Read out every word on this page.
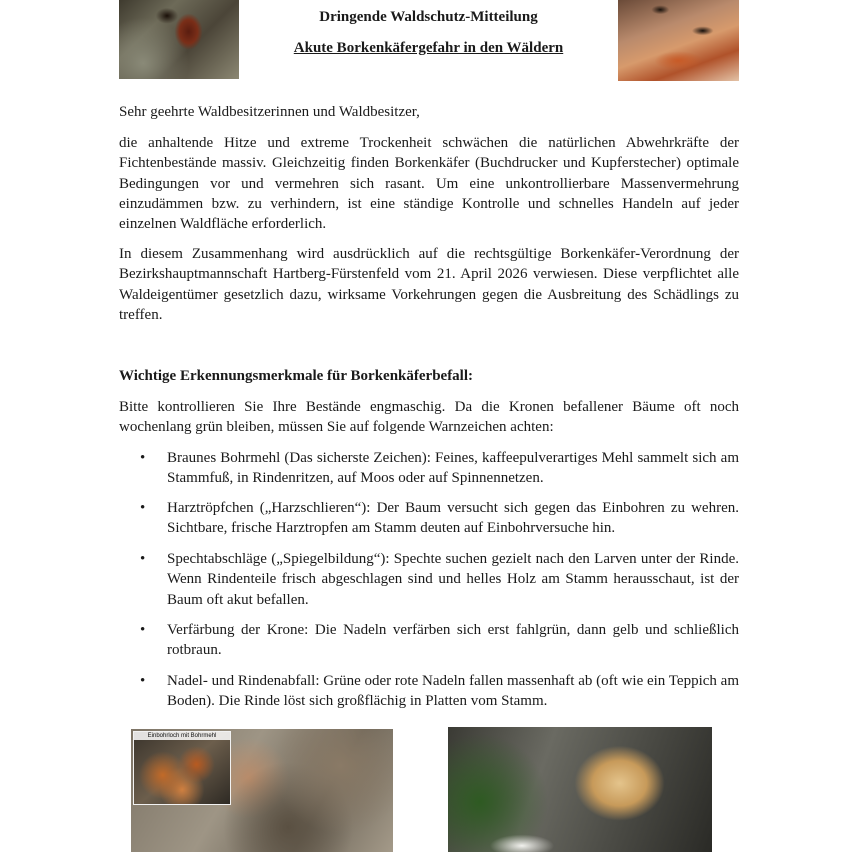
Dringende Waldschutz-Mitteilung
Akute Borkenkäfergefahr in den Wäldern

Sehr geehrte Waldbesitzerinnen und Waldbesitzer,

die anhaltende Hitze und extreme Trockenheit schwächen die natürlichen Abwehrkräfte der Fichtenbestände massiv. Gleichzeitig finden Borkenkäfer (Buchdrucker und Kupferstecher) optimale Bedingungen vor und vermehren sich rasant. Um eine unkontrollierbare Massenvermehrung einzudämmen bzw. zu verhindern, ist eine ständige Kontrolle und schnelles Handeln auf jeder einzelnen Waldfläche erforderlich.

In diesem Zusammenhang wird ausdrücklich auf die rechtsgültige Borkenkäfer-Verordnung der Bezirkshauptmannschaft Hartberg-Fürstenfeld vom 21. April 2026 verwiesen. Diese verpflichtet alle Waldeigentümer gesetzlich dazu, wirksame Vorkehrungen gegen die Ausbreitung des Schädlings zu treffen.

Wichtige Erkennungsmerkmale für Borkenkäferbefall:

Bitte kontrollieren Sie Ihre Bestände engmaschig. Da die Kronen befallener Bäume oft noch wochenlang grün bleiben, müssen Sie auf folgende Warnzeichen achten:

• Braunes Bohrmehl (Das sicherste Zeichen): Feines, kaffeepulverartiges Mehl sammelt sich am Stammfuß, in Rindenritzen, auf Moos oder auf Spinnennetzen.

• Harztröpfchen („Harzschlieren“): Der Baum versucht sich gegen das Einbohren zu wehren. Sichtbare, frische Harztropfen am Stamm deuten auf Einbohrversuche hin.

• Spechtabschläge („Spiegelbildung“): Spechte suchen gezielt nach den Larven unter der Rinde. Wenn Rindenteile frisch abgeschlagen sind und helles Holz am Stamm herausschaut, ist der Baum oft akut befallen.

• Verfärbung der Krone: Die Nadeln verfärben sich erst fahlgrün, dann gelb und schließlich rotbraun.

• Nadel- und Rindenabfall: Grüne oder rote Nadeln fallen massenhaft ab (oft wie ein Teppich am Boden). Die Rinde löst sich großflächig in Platten vom Stamm.

Einbohrloch mit Bohrmehl
